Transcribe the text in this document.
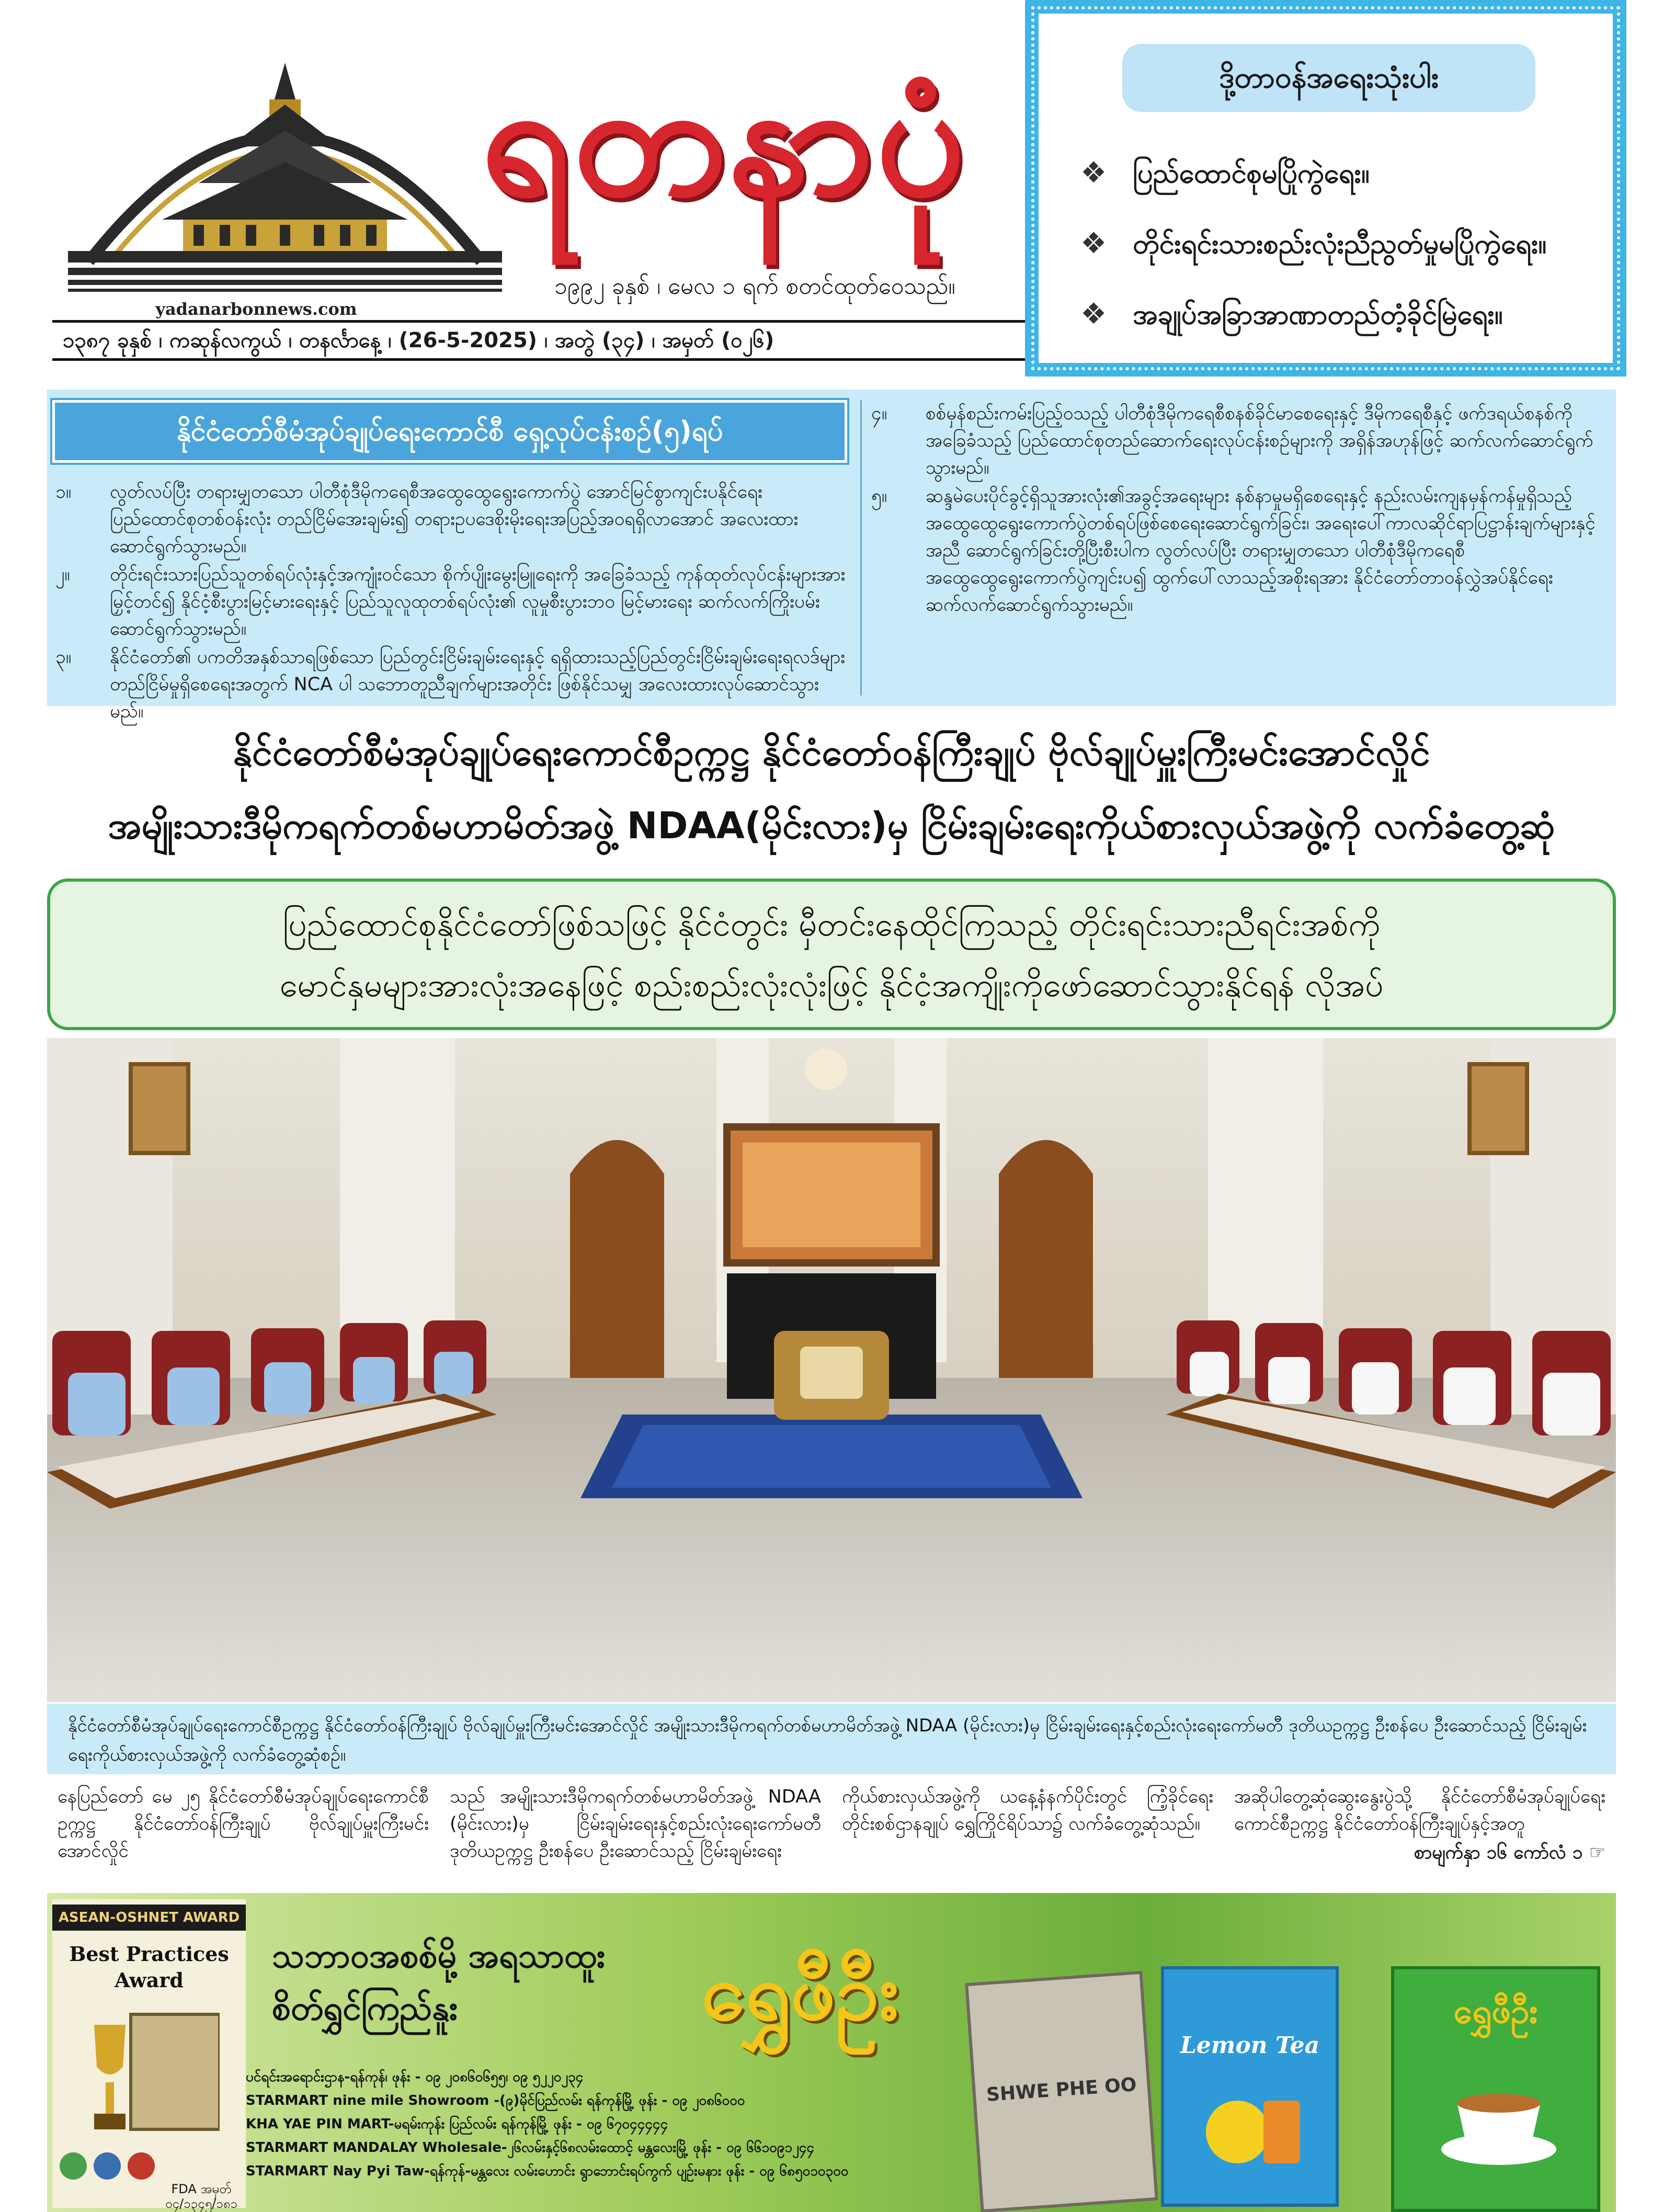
yadanarbonnews.com
ရတနာပုံ
၁၉၉၂ ခုနှစ် ၊ မေလ ၁ ရက် စတင်ထုတ်ဝေသည်။
၁၃၈၇ ခုနှစ် ၊ ကဆုန်လကွယ် ၊ တနင်္လာနေ့ ၊ (26-5-2025) ၊ အတွဲ (၃၄) ၊ အမှတ် (၀၂၆)
ဒို့တာဝန်အရေးသုံးပါး
❖ ပြည်ထောင်စုမပြိုကွဲရေး။
❖ တိုင်းရင်းသားစည်းလုံးညီညွတ်မှုမပြိုကွဲရေး။
❖ အချုပ်အခြာအာဏာတည်တံ့ခိုင်မြဲရေး။
နိုင်ငံတော်စီမံအုပ်ချုပ်ရေးကောင်စီ ရှေ့လုပ်ငန်းစဉ်(၅)ရပ်
၁။ လွတ်လပ်ပြီး တရားမျှတသော ပါတီစုံဒီမိုကရေစီအထွေထွေရွေးကောက်ပွဲ အောင်မြင်စွာကျင်းပနိုင်ရေး ပြည်ထောင်စုတစ်ဝန်းလုံး တည်ငြိမ်အေးချမ်း၍ တရားဥပဒေစိုးမိုးရေးအပြည့်အဝရရှိလာအောင် အလေးထားဆောင်ရွက်သွားမည်။
၂။ တိုင်းရင်းသားပြည်သူတစ်ရပ်လုံးနှင့်အကျုံးဝင်သော စိုက်ပျိုးမွေးမြူရေးကို အခြေခံသည့် ကုန်ထုတ်လုပ်ငန်းများအား မြှင့်တင်၍ နိုင်ငံ့စီးပွားမြင့်မားရေးနှင့် ပြည်သူလူထုတစ်ရပ်လုံး၏ လူမှုစီးပွားဘဝ မြင့်မားရေး ဆက်လက်ကြိုးပမ်းဆောင်ရွက်သွားမည်။
၃။ နိုင်ငံတော်၏ ပကတိအနှစ်သာရဖြစ်သော ပြည်တွင်းငြိမ်းချမ်းရေးနှင့် ရရှိထားသည့်ပြည်တွင်းငြိမ်းချမ်းရေးရလဒ်များ တည်ငြိမ်မှုရှိစေရေးအတွက် NCA ပါ သဘောတူညီချက်များအတိုင်း ဖြစ်နိုင်သမျှ အလေးထားလုပ်ဆောင်သွားမည်။
၄။ စစ်မှန်စည်းကမ်းပြည့်ဝသည့် ပါတီစုံဒီမိုကရေစီစနစ်ခိုင်မာစေရေးနှင့် ဒီမိုကရေစီနှင့် ဖက်ဒရယ်စနစ်ကို အခြေခံသည့် ပြည်ထောင်စုတည်ဆောက်ရေးလုပ်ငန်းစဉ်များကို အရှိန်အဟုန်ဖြင့် ဆက်လက်ဆောင်ရွက်သွားမည်။
၅။ ဆန္ဒမဲပေးပိုင်ခွင့်ရှိသူအားလုံး၏အခွင့်အရေးများ နစ်နာမှုမရှိစေရေးနှင့် နည်းလမ်းကျနမှန်ကန်မှုရှိသည့် အထွေထွေရွေးကောက်ပွဲတစ်ရပ်ဖြစ်စေရေးဆောင်ရွက်ခြင်း၊ အရေးပေါ်ကာလဆိုင်ရာပြဋ္ဌာန်းချက်များနှင့်အညီ ဆောင်ရွက်ခြင်းတို့ပြီးစီးပါက လွတ်လပ်ပြီး တရားမျှတသော ပါတီစုံဒီမိုကရေစီ အထွေထွေရွေးကောက်ပွဲကျင်းပ၍ ထွက်ပေါ်လာသည့်အစိုးရအား နိုင်ငံတော်တာဝန်လွှဲအပ်နိုင်ရေး ဆက်လက်ဆောင်ရွက်သွားမည်။
နိုင်ငံတော်စီမံအုပ်ချုပ်ရေးကောင်စီဥက္ကဋ္ဌ နိုင်ငံတော်ဝန်ကြီးချုပ် ဗိုလ်ချုပ်မှူးကြီးမင်းအောင်လှိုင်
အမျိုးသားဒီမိုကရက်တစ်မဟာမိတ်အဖွဲ့ NDAA(မိုင်းလား)မှ ငြိမ်းချမ်းရေးကိုယ်စားလှယ်အဖွဲ့ကို လက်ခံတွေ့ဆုံ
ပြည်ထောင်စုနိုင်ငံတော်ဖြစ်သဖြင့် နိုင်ငံတွင်း မှီတင်းနေထိုင်ကြသည့် တိုင်းရင်းသားညီရင်းအစ်ကို
မောင်နှမများအားလုံးအနေဖြင့် စည်းစည်းလုံးလုံးဖြင့် နိုင်ငံ့အကျိုးကိုဖော်ဆောင်သွားနိုင်ရန် လိုအပ်
နိုင်ငံတော်စီမံအုပ်ချုပ်ရေးကောင်စီဥက္ကဋ္ဌ နိုင်ငံတော်ဝန်ကြီးချုပ် ဗိုလ်ချုပ်မှူးကြီးမင်းအောင်လှိုင် အမျိုးသားဒီမိုကရက်တစ်မဟာမိတ်အဖွဲ့ NDAA (မိုင်းလား)မှ ငြိမ်းချမ်းရေးနှင့်စည်းလုံးရေးကော်မတီ ဒုတိယဥက္ကဋ္ဌ ဦးစန်ပေ ဦးဆောင်သည့် ငြိမ်းချမ်းရေးကိုယ်စားလှယ်အဖွဲ့ကို လက်ခံတွေ့ဆုံစဉ်။
နေပြည်တော် မေ ၂၅ နိုင်ငံတော်စီမံအုပ်ချုပ်ရေးကောင်စီဥက္ကဋ္ဌ နိုင်ငံတော်ဝန်ကြီးချုပ် ဗိုလ်ချုပ်မှူးကြီးမင်းအောင်လှိုင်
သည် အမျိုးသားဒီမိုကရက်တစ်မဟာမိတ်အဖွဲ့ NDAA (မိုင်းလား)မှ ငြိမ်းချမ်းရေးနှင့်စည်းလုံးရေးကော်မတီ ဒုတိယဥက္ကဋ္ဌ ဦးစန်ပေ ဦးဆောင်သည့် ငြိမ်းချမ်းရေး
ကိုယ်စားလှယ်အဖွဲ့ကို ယနေ့နံနက်ပိုင်းတွင် ကြံ့ခိုင်ရေးတိုင်းစစ်ဌာနချုပ် ရွှေကြိုင်ရိပ်သာ၌ လက်ခံတွေ့ဆုံသည်။
အဆိုပါတွေ့ဆုံဆွေးနွေးပွဲသို့ နိုင်ငံတော်စီမံအုပ်ချုပ်ရေးကောင်စီဥက္ကဋ္ဌ နိုင်ငံတော်ဝန်ကြီးချုပ်နှင့်အတူ
စာမျက်နှာ ၁၆ ကော်လံ ၁ ☞
ASEAN-OSHNET AWARD
Best Practices Award
FDA အမှတ် ၀၄/၁၃၄၅/၁၈၁
သဘာဝအစစ်မို့ အရသာထူး
စိတ်ရွှင်ကြည်နူး	ရွှေဖီဦး
ပင်ရင်းအရောင်းဌာန-ရန်ကုန်၊ ဖုန်း - ၀၉ ၂၀၈၆၀၆၅၅၊ ၀၉ ၅၂၂၀၂၃၄
STARMART nine mile Showroom -(၉)မိုင်ပြည်လမ်း ရန်ကုန်မြို့ ဖုန်း - ၀၉ ၂၀၈၆၀၀၀
KHA YAE PIN MART-မရမ်းကုန်း ပြည်လမ်း ရန်ကုန်မြို့ ဖုန်း - ၀၉ ၆၇၀၄၄၄၄၄
STARMART MANDALAY Wholesale-၂၆လမ်းနှင့်၆၈လမ်းထောင့် မန္တလေးမြို့ ဖုန်း - ၀၉ ၆၆၁၀၉၁၂၄၄
STARMART Nay Pyi Taw-ရန်ကုန်-မန္တလေး လမ်းဟောင်း ရွာဘောင်းရပ်ကွက် ပျဉ်းမနား ဖုန်း - ၀၉ ၆၈၅၀၁၀၃၀၀
SHWE PHE OO
Lemon Tea
ရွှေဖီဦး
